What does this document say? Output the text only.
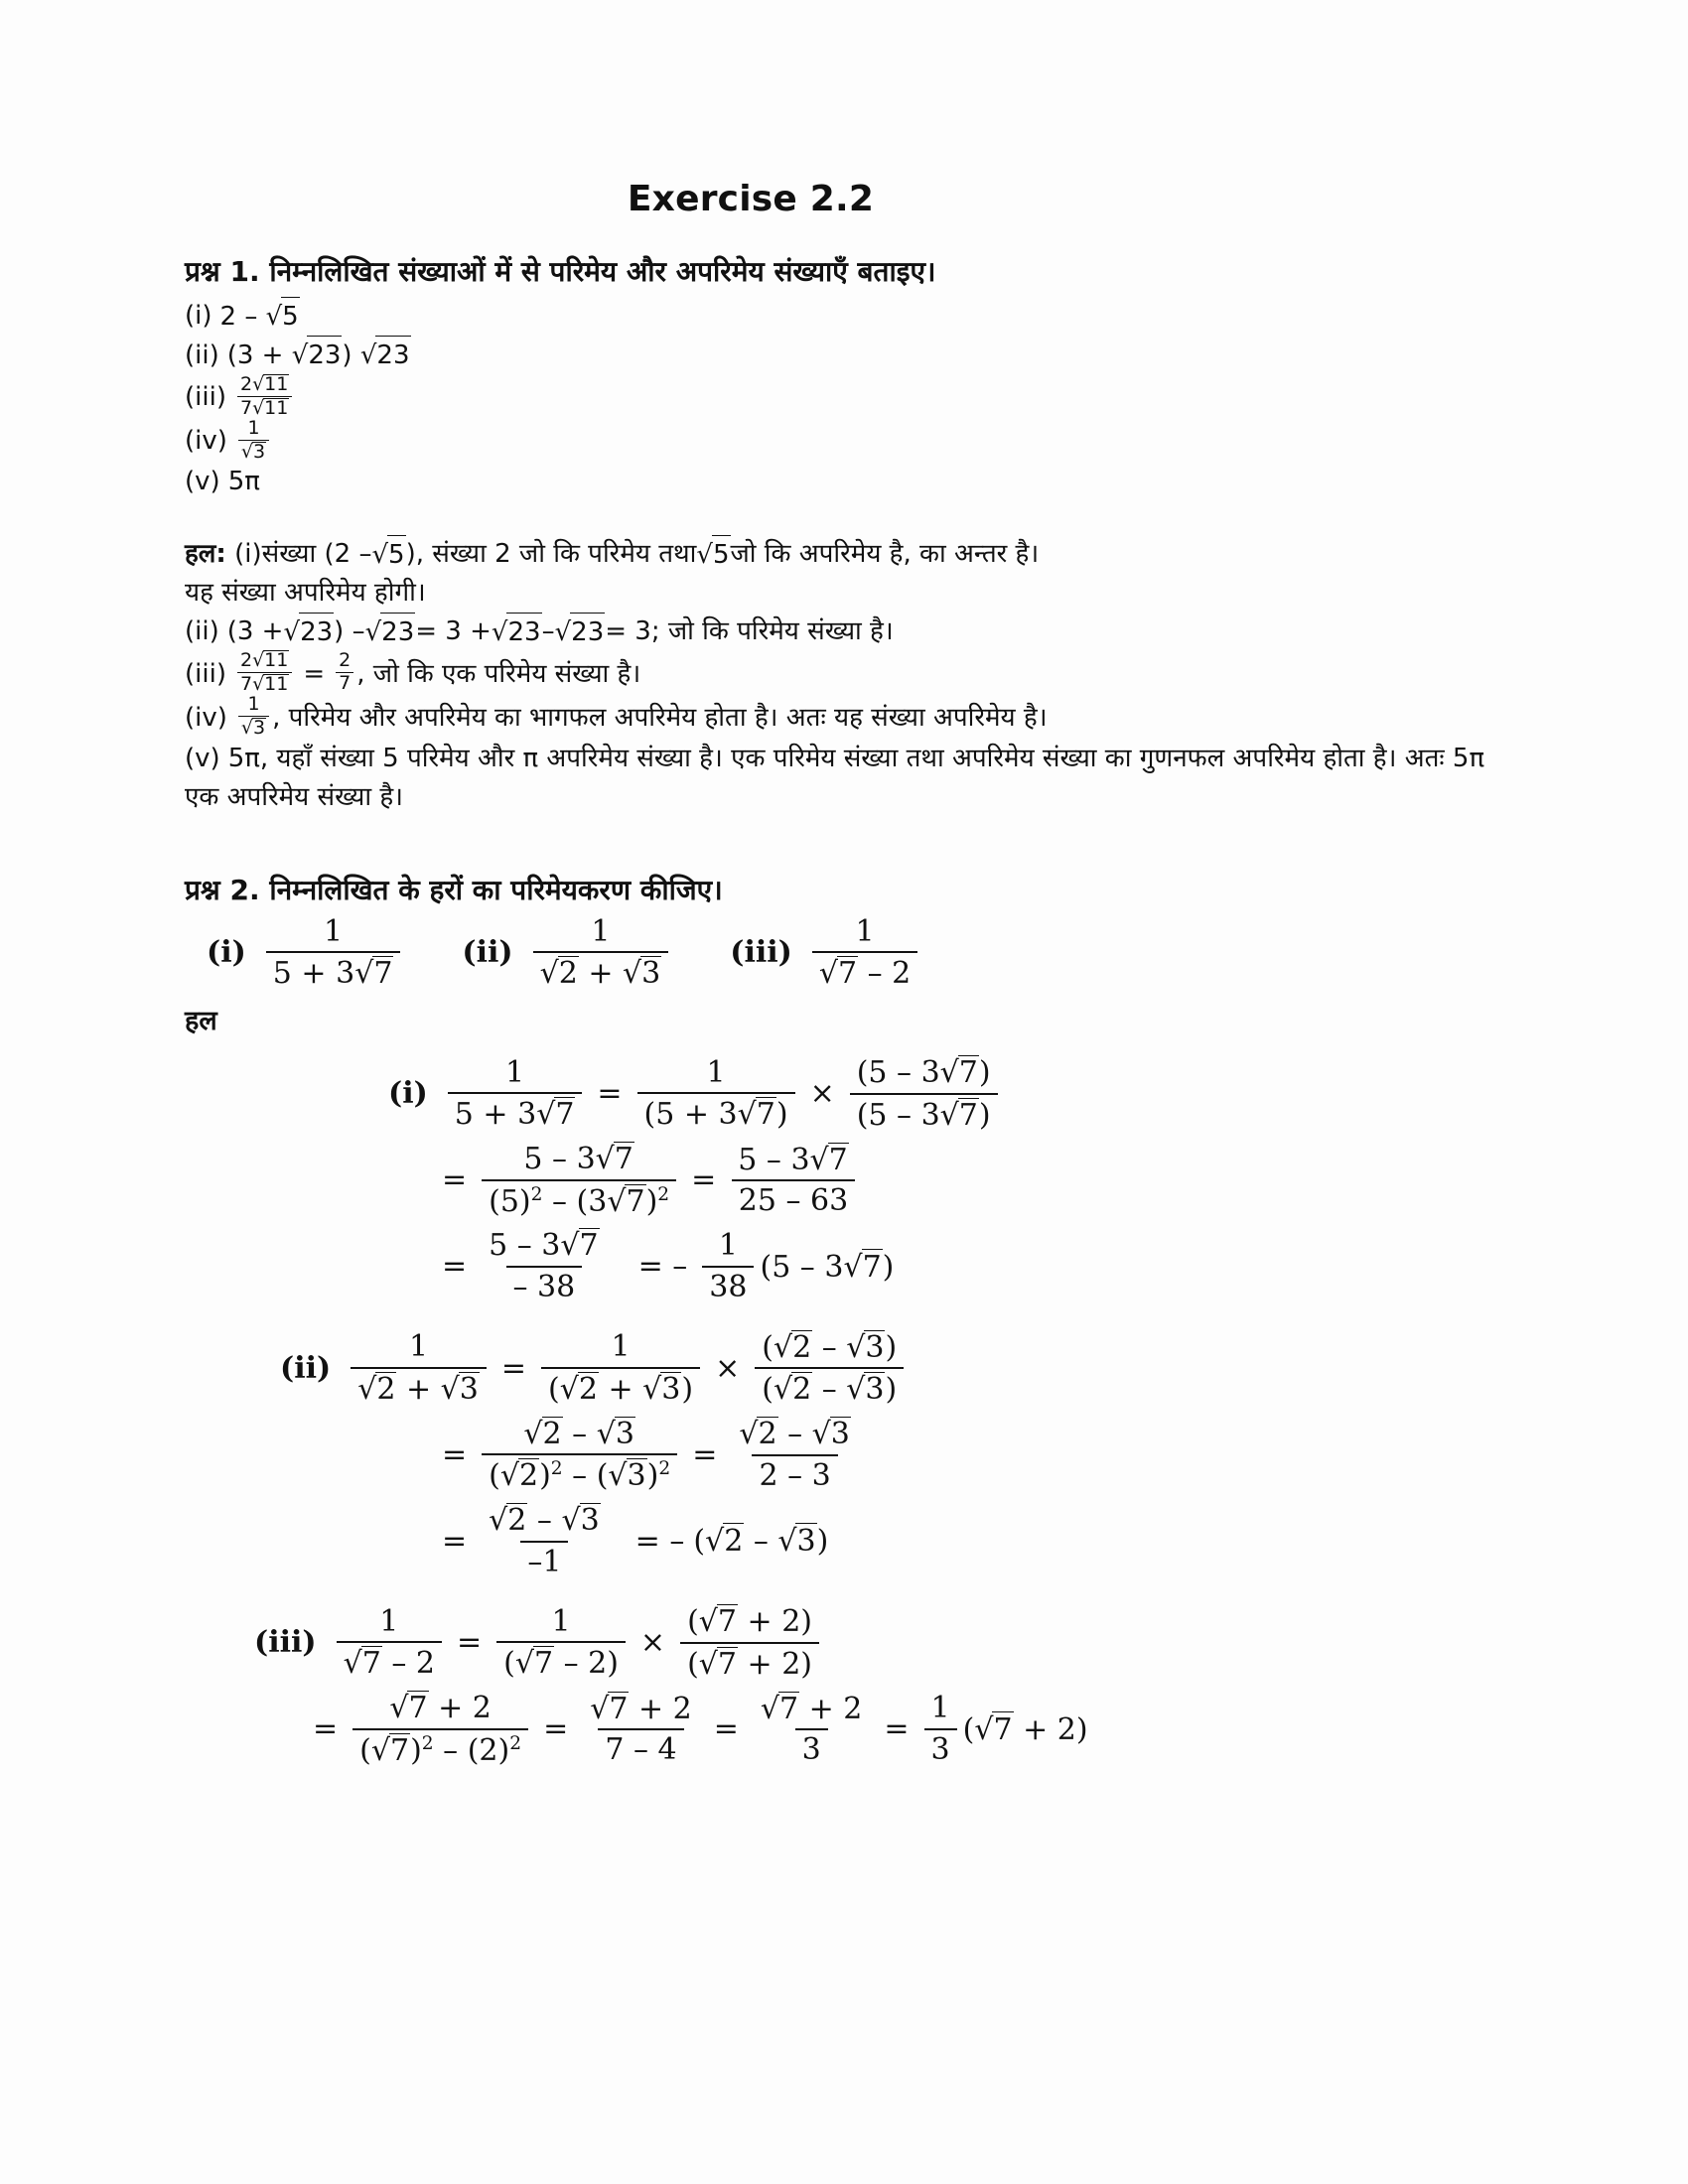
Exercise 2.2
प्रश्न 1. निम्नलिखित संख्याओं में से परिमेय और अपरिमेय संख्याएँ बताइए।
(i) 2 – √5
(ii) (3 + √23) √23
$(iii) \frac{2√11}{7√11}$
$(iv) \frac{1}{√3}$
(v) 5π
हल:
(i) संख्या (2 – √5 ), संख्या 2 जो कि परिमेय तथा √5 जो कि अपरिमेय है, का अन्तर है।
यह संख्या अपरिमेय होगी।
(ii) (3 + √23 ) – √23 = 3 + √23 – √23 = 3; जो कि परिमेय संख्या है।
$(iii) \frac{2√11}{7√11} = \frac{2}{7}$ , जो कि एक परिमेय संख्या है।
$(iv) \frac{1}{√3}$ , परिमेय और अपरिमेय का भागफल अपरिमेय होता है। अतः यह संख्या अपरिमेय है।
(v) 5π, यहाँ संख्या 5 परिमेय और π अपरिमेय संख्या है। एक परिमेय संख्या तथा अपरिमेय संख्या का गुणनफल अपरिमेय होता है। अतः 5π एक अपरिमेय संख्या है।
प्रश्न 2. निम्नलिखित के हरों का परिमेयकरण कीजिए।
$(i) \frac{1}{5 + 3√7} (ii) \frac{1}{√2 + √3} (iii) \frac{1}{√7 - 2}$
हल
$(i) \frac{1}{5 + 3√7} = \frac{1}{(5 + 3√7)} \times \frac{(5 - 3√7)}{(5 - 3√7)}$
= $\frac{5 - 3√7}{(5)^2 - (3√7)^2} = \frac{5 - 3√7}{25 - 63}$
= $\frac{5 - 3√7}{- 38}$ = – $\frac{1}{38} (5 - 3√7)$
$(ii) \frac{1}{√2 + √3} = \frac{1}{(√2 + √3)} \times \frac{(√2 - √3)}{(√2 - √3)}$
= $\frac{√2 - √3}{(√2)^2 - (√3)^2} = \frac{√2 - √3}{2 - 3}$
= $\frac{√2 - √3}{-1}$ = – (√2 – √3)
$(iii) \frac{1}{√7 - 2} = \frac{1}{(√7 - 2)} \times \frac{(√7 + 2)}{(√7 + 2)}$
= $\frac{√7 + 2}{(√7)^2 - (2)^2} = \frac{√7 + 2}{7 - 4} = \frac{√7 + 2}{3} = \frac{1}{3} (√7 + 2)$
